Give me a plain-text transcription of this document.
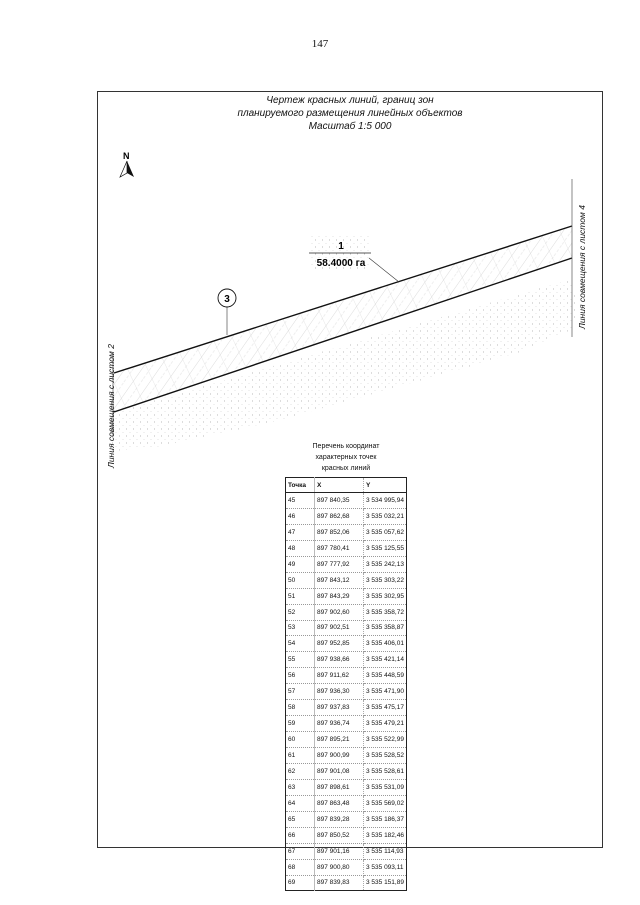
147
Чертеж красных линий, границ зон
планируемого размещения линейных объектов
Масштаб 1:5 000
N
1
58.4000 га
3
Линия совмещения с листом 2
Линия совмещения с листом 4
Перечень координат
характерных точек
красных линий
Точка	X	Y
45	897 840,35	3 534 995,94
46	897 862,68	3 535 032,21
47	897 852,06	3 535 057,62
48	897 780,41	3 535 125,55
49	897 777,92	3 535 242,13
50	897 843,12	3 535 303,22
51	897 843,29	3 535 302,95
52	897 902,60	3 535 358,72
53	897 902,51	3 535 358,87
54	897 952,85	3 535 406,01
55	897 938,66	3 535 421,14
56	897 911,62	3 535 448,59
57	897 936,30	3 535 471,90
58	897 937,83	3 535 475,17
59	897 936,74	3 535 479,21
60	897 895,21	3 535 522,99
61	897 900,99	3 535 528,52
62	897 901,08	3 535 528,61
63	897 898,61	3 535 531,09
64	897 863,48	3 535 569,02
65	897 839,28	3 535 186,37
66	897 850,52	3 535 182,46
67	897 901,16	3 535 114,93
68	897 900,80	3 535 093,11
69	897 839,83	3 535 151,89
